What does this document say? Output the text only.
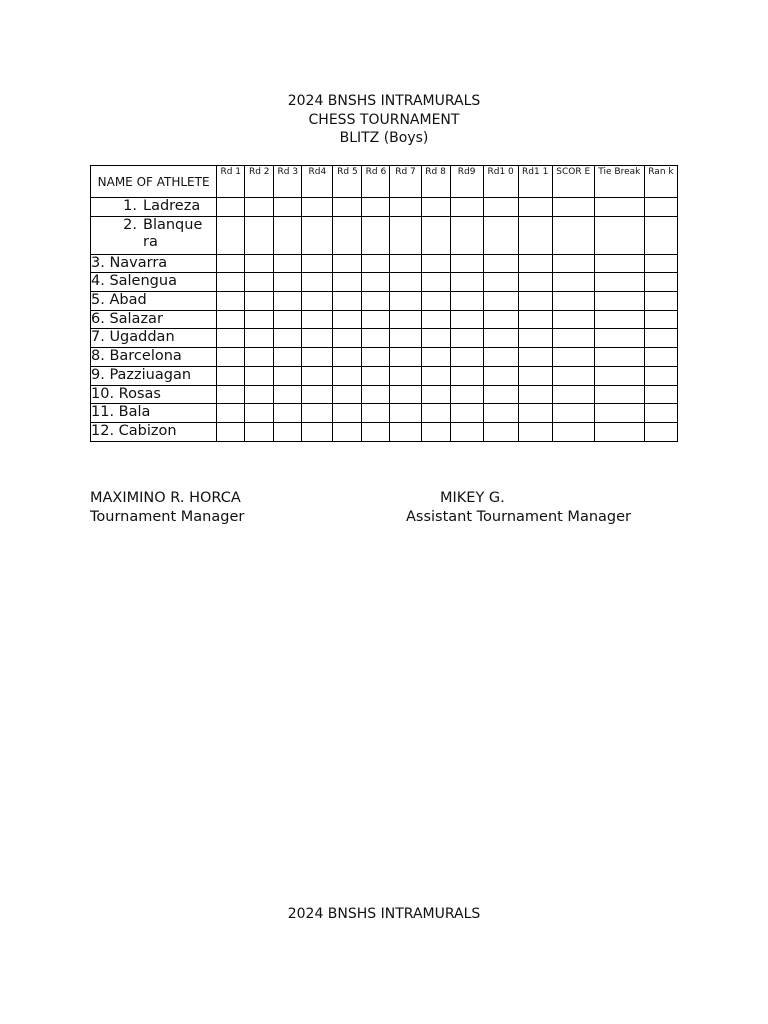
2024 BNSHS INTRAMURALS
CHESS TOURNAMENT
BLITZ (Boys)
NAME OF ATHLETE	Rd 1	Rd 2	Rd 3	Rd4	Rd 5	Rd 6	Rd 7	Rd 8	Rd9	Rd1 0	Rd1 1	SCOR E	Tie Break	Ran k

1. Ladreza														

2. Blanquera														

3. Navarra														
4. Salengua														
5. Abad														
6. Salazar														
7. Ugaddan														
8. Barcelona														
9. Pazziuagan														
10. Rosas														
11. Bala														
12. Cabizon														
MAXIMINO R. HORCA
Tournament Manager
MIKEY G.
Assistant Tournament Manager
2024 BNSHS INTRAMURALS
